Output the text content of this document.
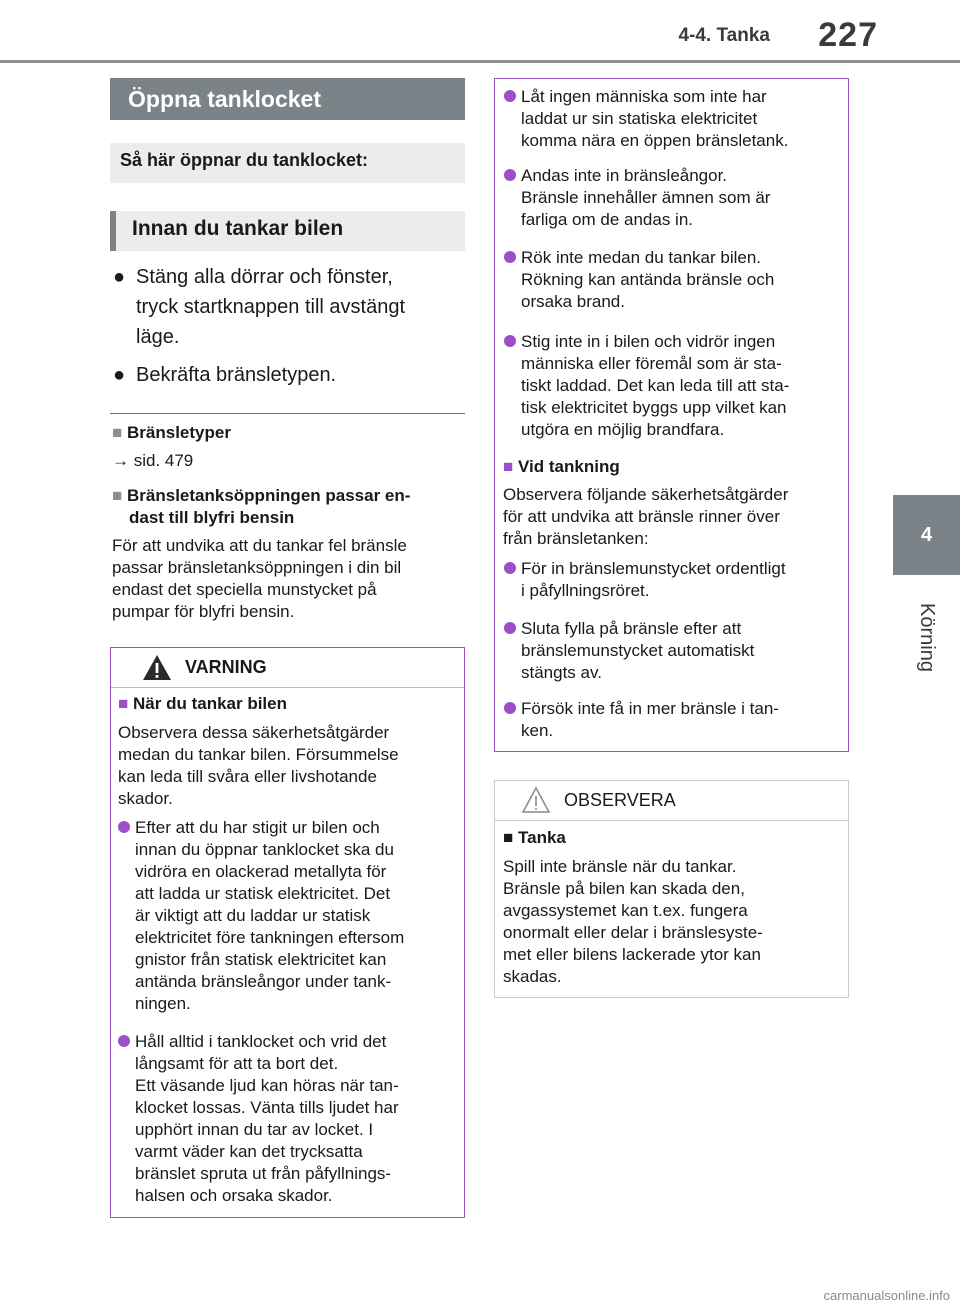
4-4. Tanka 227
4
Körning
Öppna tanklocket
Så här öppnar du tanklocket:
Innan du tankar bilen
● Stäng alla dörrar och fönster,
tryck startknappen till avstängt
läge.
● Bekräfta bränsletypen.
■ Bränsletyper
→ sid. 479
■ Bränsletanksöppningen passar en-
dast till blyfri bensin
För att undvika att du tankar fel bränsle
passar bränsletanksöppningen i din bil
endast det speciella munstycket på
pumpar för blyfri bensin.
VARNING
■ När du tankar bilen
Observera dessa säkerhetsåtgärder
medan du tankar bilen. Försummelse
kan leda till svåra eller livshotande
skador.
Efter att du har stigit ur bilen och
innan du öppnar tanklocket ska du
vidröra en olackerad metallyta för
att ladda ur statisk elektricitet. Det
är viktigt att du laddar ur statisk
elektricitet före tankningen eftersom
gnistor från statisk elektricitet kan
antända bränsleångor under tank-
ningen.
Håll alltid i tanklocket och vrid det
långsamt för att ta bort det.
Ett väsande ljud kan höras när tan-
klocket lossas. Vänta tills ljudet har
upphört innan du tar av locket. I
varmt väder kan det trycksatta
bränslet spruta ut från påfyllnings-
halsen och orsaka skador.
Låt ingen människa som inte har
laddat ur sin statiska elektricitet
komma nära en öppen bränsletank.
Andas inte in bränsleångor.
Bränsle innehåller ämnen som är
farliga om de andas in.
Rök inte medan du tankar bilen.
Rökning kan antända bränsle och
orsaka brand.
Stig inte in i bilen och vidrör ingen
människa eller föremål som är sta-
tiskt laddad. Det kan leda till att sta-
tisk elektricitet byggs upp vilket kan
utgöra en möjlig brandfara.
■ Vid tankning
Observera följande säkerhetsåtgärder
för att undvika att bränsle rinner över
från bränsletanken:
För in bränslemunstycket ordentligt
i påfyllningsröret.
Sluta fylla på bränsle efter att
bränslemunstycket automatiskt
stängts av.
Försök inte få in mer bränsle i tan-
ken.
OBSERVERA
■ Tanka
Spill inte bränsle när du tankar.
Bränsle på bilen kan skada den,
avgassystemet kan t.ex. fungera
onormalt eller delar i bränslesyste-
met eller bilens lackerade ytor kan
skadas.
carmanualsonline.info
